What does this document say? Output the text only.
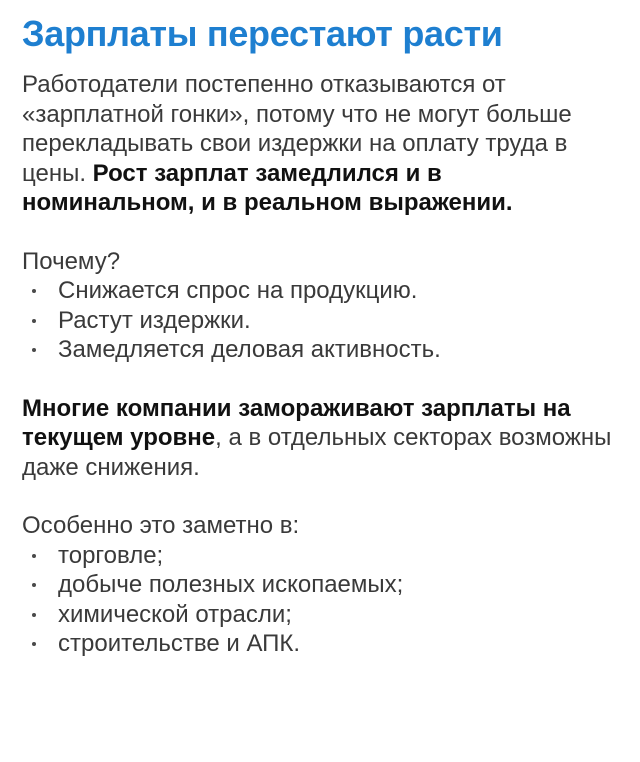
Зарплаты перестают расти

Работодатели постепенно отказываются от «зарплатной гонки», потому что не могут больше перекладывать свои издержки на оплату труда в цены. Рост зарплат замедлился и в номинальном, и в реальном выражении.

Почему?

Снижается спрос на продукцию.
Растут издержки.
Замедляется деловая активность.

Многие компании замораживают зарплаты на текущем уровне, а в отдельных секторах возможны даже снижения.

Особенно это заметно в:

торговле;
добыче полезных ископаемых;
химической отрасли;
строительстве и АПК.
